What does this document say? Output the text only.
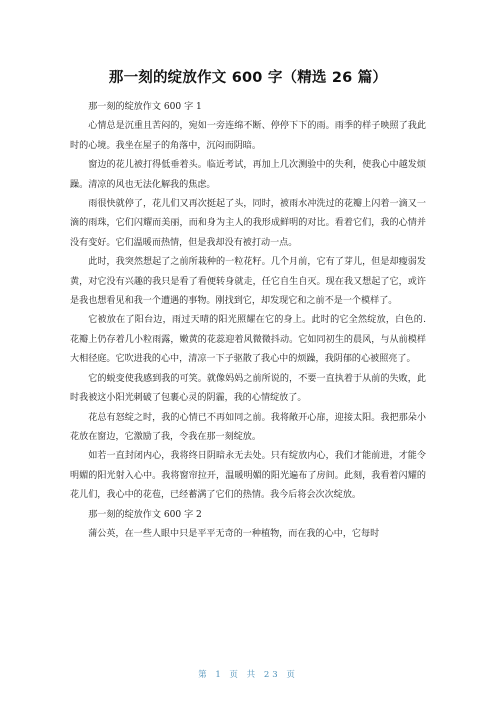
那一刻的绽放作文 600 字（精选 26 篇）

那一刻的绽放作文 600 字 1

心情总是沉重且苦闷的，宛如一旁连绵不断、停停下下的雨。雨季的样子映照了我此时的心境。我坐在屋子的角落中，沉闷而阴暗。

窗边的花儿被打得低垂着头。临近考试，再加上几次测验中的失利，使我心中越发烦躁。清凉的风也无法化解我的焦虑。

雨很快就停了，花儿们又再次挺起了头，同时，被雨水冲洗过的花瓣上闪着一滴又一滴的雨珠，它们闪耀而美丽，而和身为主人的我形成鲜明的对比。看着它们，我的心情并没有变好。它们温暖而热情，但是我却没有被打动一点。

此时，我突然想起了之前所栽种的一粒花籽。几个月前，它有了芽儿，但是却瘦弱发黄，对它没有兴趣的我只是看了看便转身就走，任它自生自灭。现在我又想起了它，或许是我也想看见和我一个遭遇的事物。刚找到它，却发现它和之前不是一个模样了。

它被放在了阳台边，雨过天晴的阳光照耀在它的身上。此时的它全然绽放，白色的. 花瓣上仍存着几小粒雨露，嫩黄的花蕊迎着风微微抖动。它如同初生的晨风，与从前模样大相径庭。它吹进我的心中，清凉一下子驱散了我心中的烦躁，我阴郁的心被照亮了。

它的蜕变使我感到我的可笑。就像妈妈之前所说的，不要一直执着于从前的失败，此时我被这小阳光刺破了包裹心灵的阴霾，我的心情绽放了。

花总有怒绽之时，我的心情已不再如同之前。我将敞开心扉，迎接太阳。我把那朵小花放在窗边，它激励了我，令我在那一刻绽放。

如若一直封闭内心，我将终日阴暗永无去处。只有绽放内心，我们才能前进，才能令明媚的阳光射入心中。我将窗帘拉开，温暖明媚的阳光遍布了房间。此刻，我看着闪耀的花儿们，我心中的花苞，已经蓄满了它们的热情。我今后将会次次绽放。

那一刻的绽放作文 600 字 2

蒲公英，在一些人眼中只是平平无奇的一种植物，而在我的心中，它每时

第 1 页 共 23 页
